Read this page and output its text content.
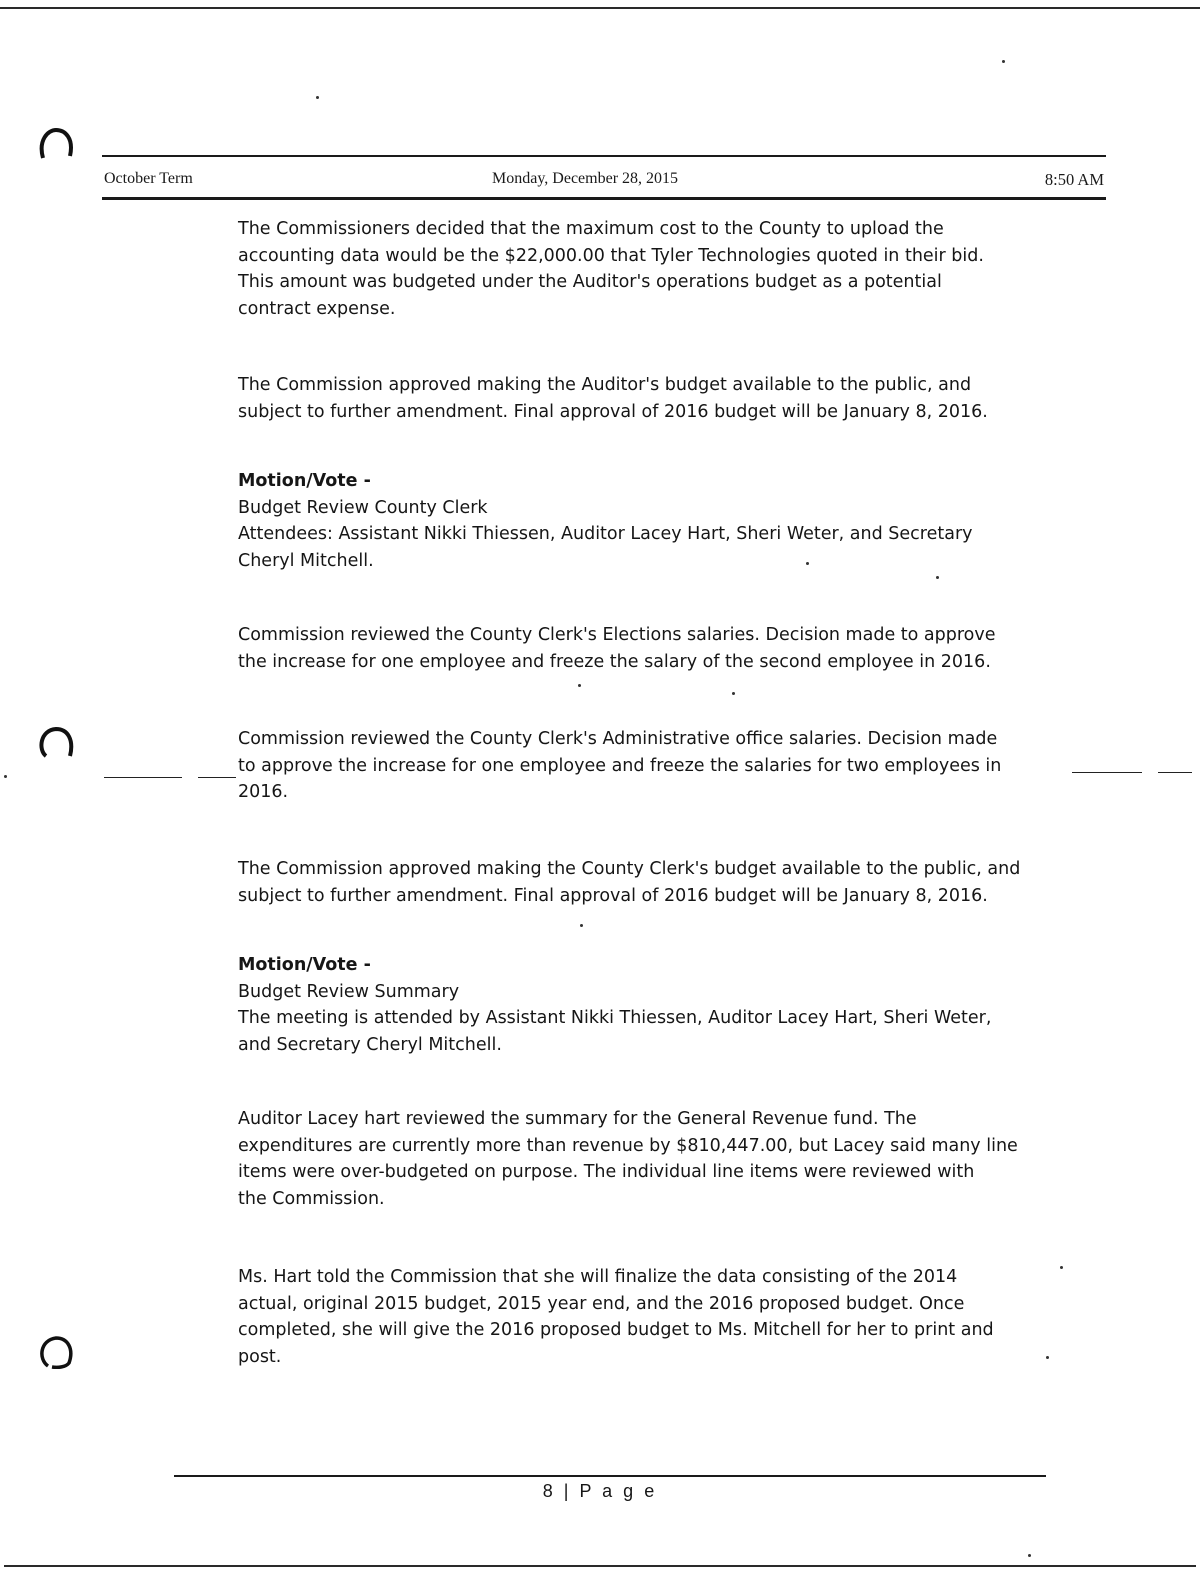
October Term	Monday, December 28, 2015	8:50 AM
The Commissioners decided that the maximum cost to the County to upload the
accounting data would be the $22,000.00 that Tyler Technologies quoted in their bid.
This amount was budgeted under the Auditor's operations budget as a potential
contract expense.
The Commission approved making the Auditor's budget available to the public, and
subject to further amendment. Final approval of 2016 budget will be January 8, 2016.
Motion/Vote -
Budget Review County Clerk
Attendees: Assistant Nikki Thiessen, Auditor Lacey Hart, Sheri Weter, and Secretary
Cheryl Mitchell.
Commission reviewed the County Clerk's Elections salaries. Decision made to approve
the increase for one employee and freeze the salary of the second employee in 2016.
Commission reviewed the County Clerk's Administrative office salaries. Decision made
to approve the increase for one employee and freeze the salaries for two employees in
2016.
The Commission approved making the County Clerk's budget available to the public, and
subject to further amendment. Final approval of 2016 budget will be January 8, 2016.
Motion/Vote -
Budget Review Summary
The meeting is attended by Assistant Nikki Thiessen, Auditor Lacey Hart, Sheri Weter,
and Secretary Cheryl Mitchell.
Auditor Lacey hart reviewed the summary for the General Revenue fund. The
expenditures are currently more than revenue by $810,447.00, but Lacey said many line
items were over-budgeted on purpose. The individual line items were reviewed with
the Commission.
Ms. Hart told the Commission that she will finalize the data consisting of the 2014
actual, original 2015 budget, 2015 year end, and the 2016 proposed budget. Once
completed, she will give the 2016 proposed budget to Ms. Mitchell for her to print and
post.
8 | P a g e
